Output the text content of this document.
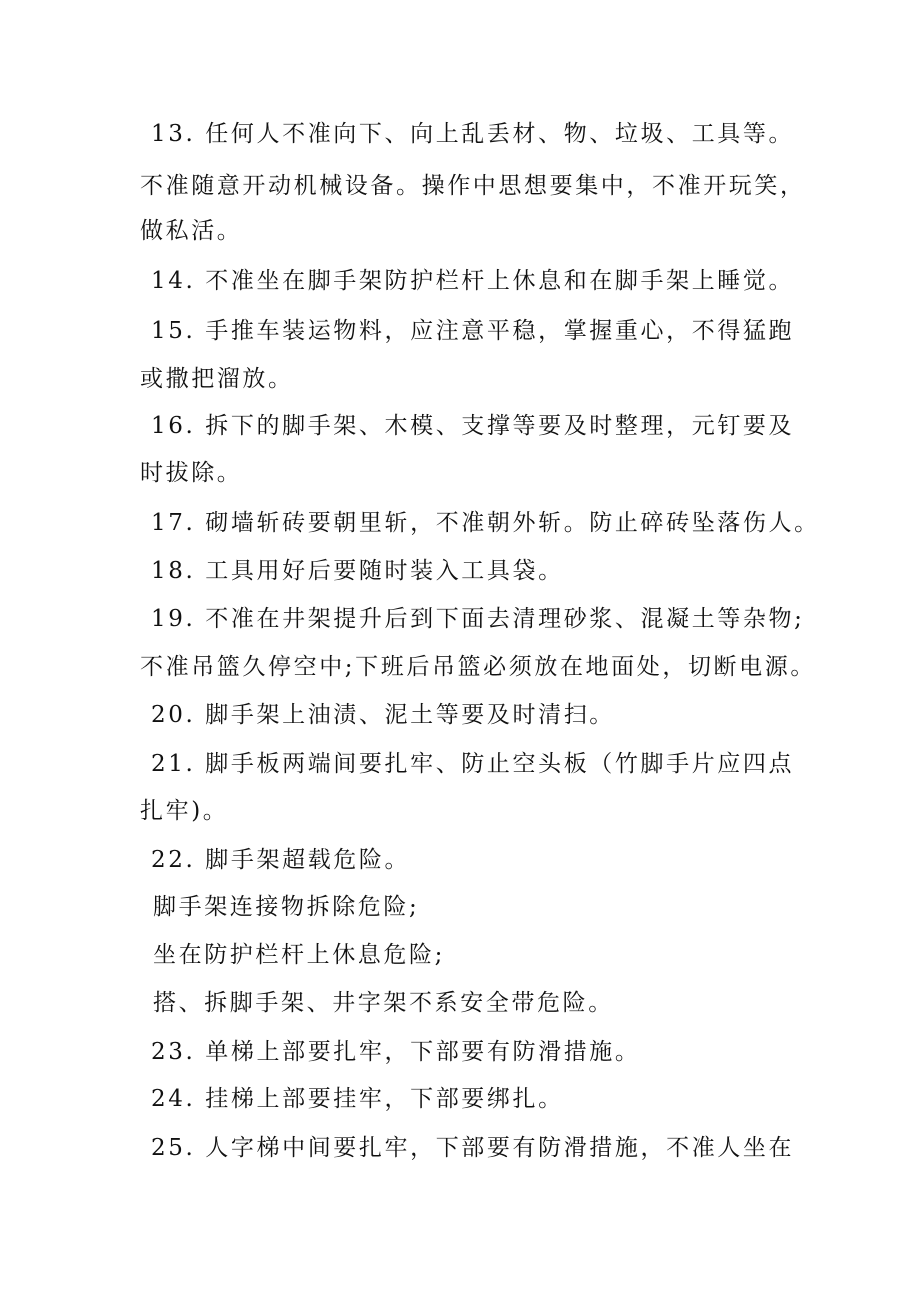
13. 任何人不准向下、向上乱丢材、物、垃圾、工具等。
不准随意开动机械设备。操作中思想要集中，不准开玩笑，
做私活。
14. 不准坐在脚手架防护栏杆上休息和在脚手架上睡觉。
15. 手推车装运物料，应注意平稳，掌握重心，不得猛跑
或撒把溜放。
16. 拆下的脚手架、木模、支撑等要及时整理，元钉要及
时拔除。
17. 砌墙斩砖要朝里斩，不准朝外斩。防止碎砖坠落伤人。
18. 工具用好后要随时装入工具袋。
19. 不准在井架提升后到下面去清理砂浆、混凝土等杂物;
不准吊篮久停空中;下班后吊篮必须放在地面处，切断电源。
20. 脚手架上油渍、泥土等要及时清扫。
21. 脚手板两端间要扎牢、防止空头板（竹脚手片应四点
扎牢)。
22. 脚手架超载危险。
脚手架连接物拆除危险;
坐在防护栏杆上休息危险;
搭、拆脚手架、井字架不系安全带危险。
23. 单梯上部要扎牢，下部要有防滑措施。
24. 挂梯上部要挂牢，下部要绑扎。
25. 人字梯中间要扎牢，下部要有防滑措施，不准人坐在
